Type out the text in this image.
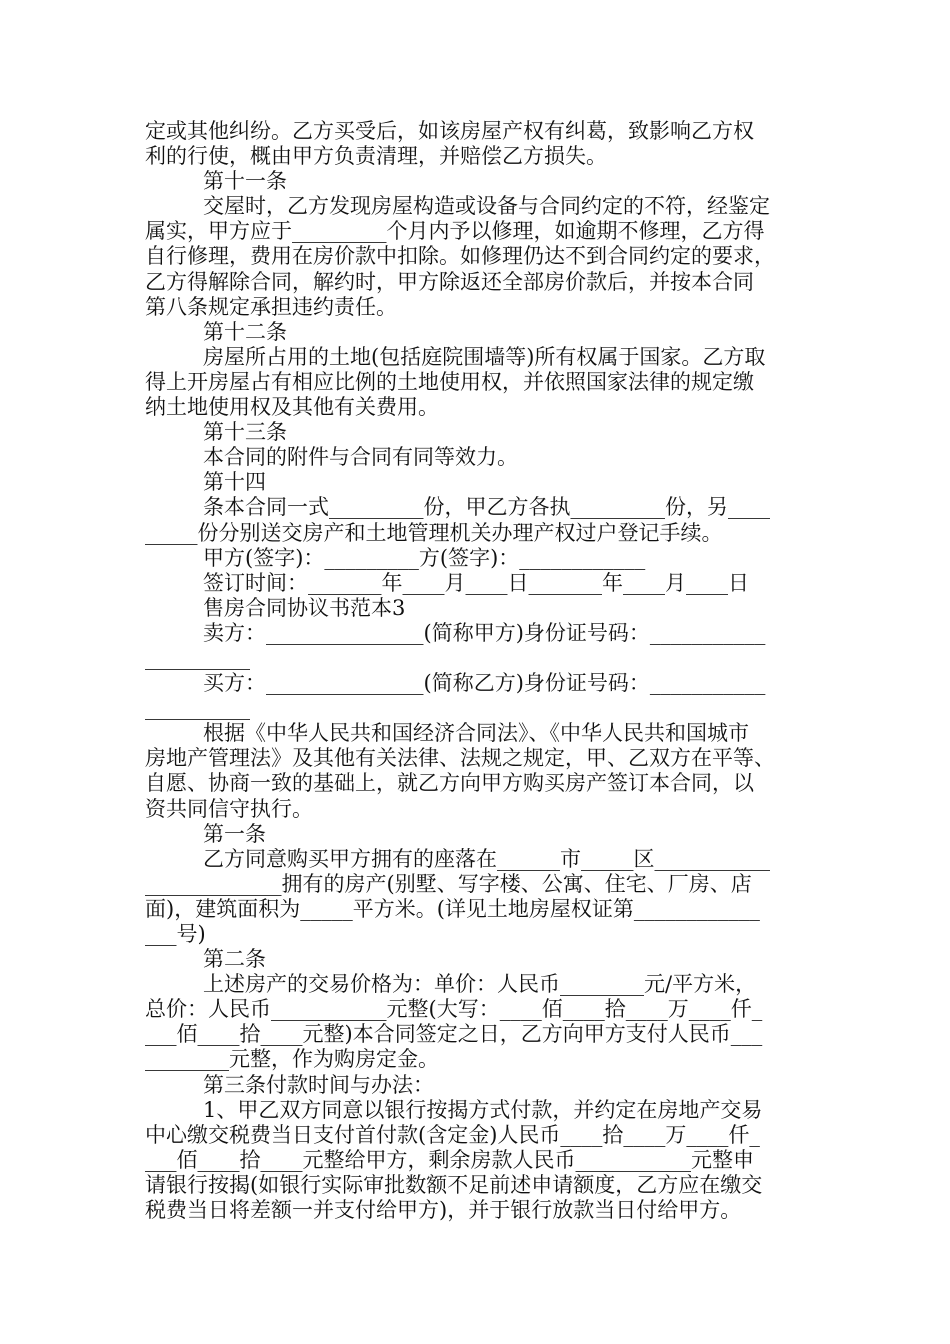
定或其他纠纷。乙方买受后，如该房屋产权有纠葛，致影响乙方权
利的行使，概由甲方负责清理，并赔偿乙方损失。
第十一条
交屋时，乙方发现房屋构造或设备与合同约定的不符，经鉴定
属实，甲方应于_________个月内予以修理，如逾期不修理，乙方得
自行修理，费用在房价款中扣除。如修理仍达不到合同约定的要求，
乙方得解除合同，解约时，甲方除返还全部房价款后，并按本合同
第八条规定承担违约责任。
第十二条
房屋所占用的土地(包括庭院围墙等)所有权属于国家。乙方取
得上开房屋占有相应比例的土地使用权，并依照国家法律的规定缴
纳土地使用权及其他有关费用。
第十三条
本合同的附件与合同有同等效力。
第十四
条本合同一式_________份，甲乙方各执_________份，另____
_____份分别送交房产和土地管理机关办理产权过户登记手续。
甲方(签字)：_________方(签字)：____________
签订时间：_______年____月____日_______年____月____日
售房合同协议书范本3
卖方：_______________(简称甲方)身份证号码：___________
__________
买方：_______________(简称乙方)身份证号码：___________
__________
根据《中华人民共和国经济合同法》、《中华人民共和国城市
房地产管理法》及其他有关法律、法规之规定，甲、乙双方在平等、
自愿、协商一致的基础上，就乙方向甲方购买房产签订本合同，以
资共同信守执行。
第一条
乙方同意购买甲方拥有的座落在______市_____区___________
_____________拥有的房产(别墅、写字楼、公寓、住宅、厂房、店
面)，建筑面积为_____平方米。(详见土地房屋权证第____________
___号)
第二条
上述房产的交易价格为：单价：人民币________元/平方米，
总价：人民币___________元整(大写：____佰____拾____万____仟_
___佰____拾____元整)本合同签定之日，乙方向甲方支付人民币___
________元整，作为购房定金。
第三条付款时间与办法：
1、甲乙双方同意以银行按揭方式付款，并约定在房地产交易
中心缴交税费当日支付首付款(含定金)人民币____拾____万____仟_
___佰____拾____元整给甲方，剩余房款人民币___________元整申
请银行按揭(如银行实际审批数额不足前述申请额度，乙方应在缴交
税费当日将差额一并支付给甲方)，并于银行放款当日付给甲方。
